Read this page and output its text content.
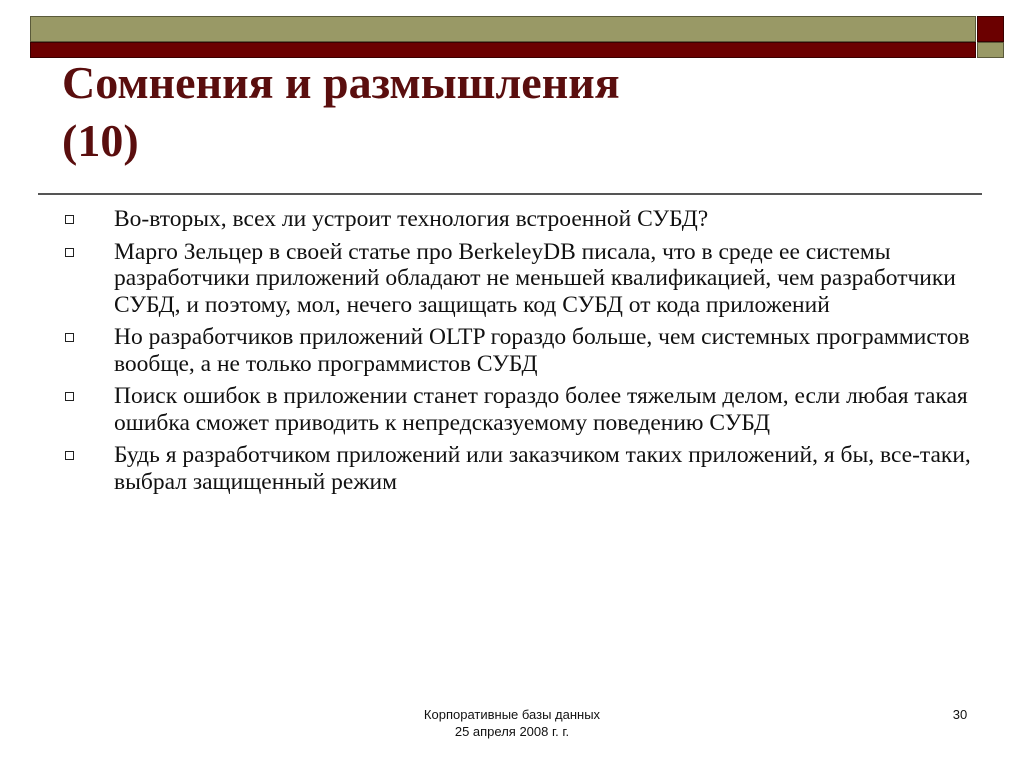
Сомнения и размышления
(10)
Во-вторых, всех ли устроит технология встроенной СУБД?
Марго Зельцер в своей статье про BerkeleyDB писала, что в среде ее системы разработчики приложений обладают не меньшей квалификацией, чем разработчики СУБД, и поэтому, мол, нечего защищать код СУБД от кода приложений
Но разработчиков приложений OLTP гораздо больше, чем системных программистов вообще, а не только программистов СУБД
Поиск ошибок в приложении станет гораздо более тяжелым делом, если любая такая ошибка сможет приводить к непредсказуемому поведению СУБД
Будь я разработчиком приложений или заказчиком таких приложений, я бы, все-таки, выбрал защищенный режим
Корпоративные базы данных
25 апреля 2008 г. г.
30
